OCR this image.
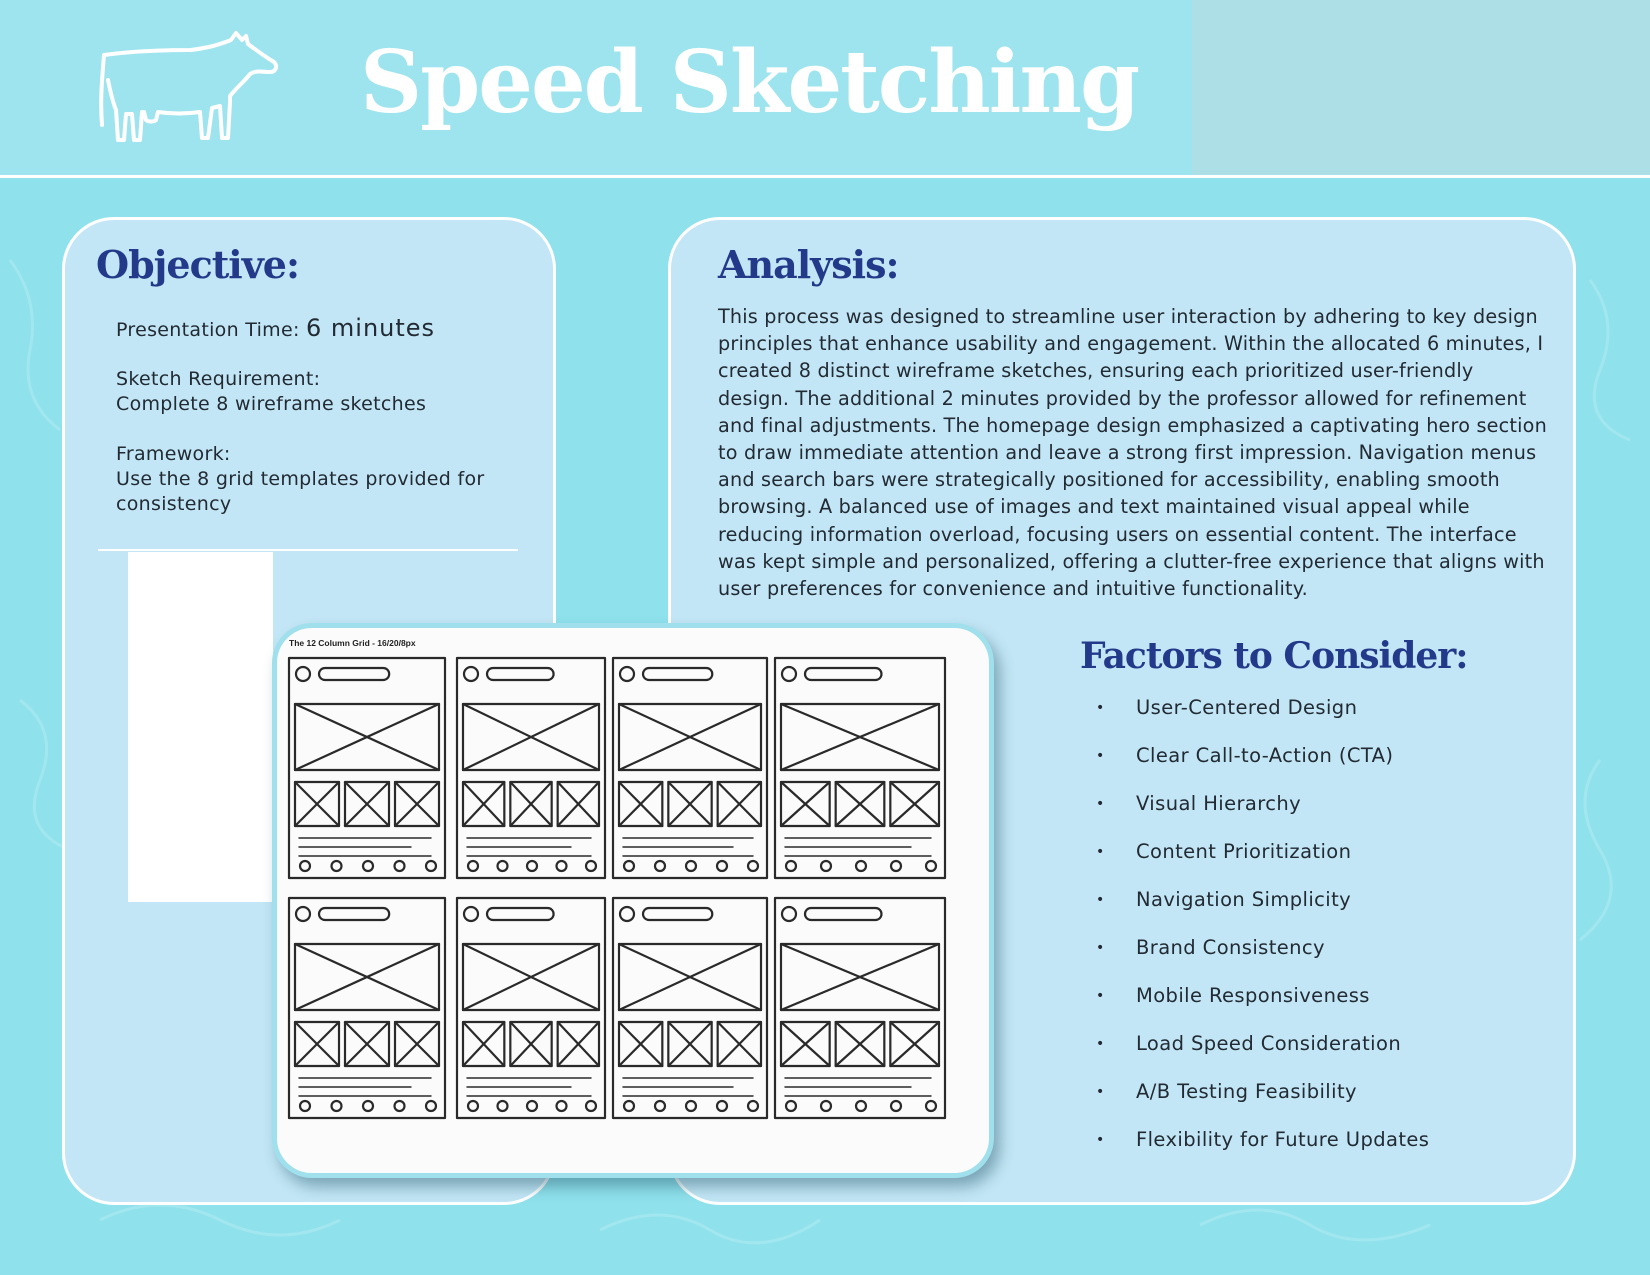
Speed Sketching
Objective:
Presentation Time: 6 minutes
Sketch Requirement:
Complete 8 wireframe sketches
Framework:
Use the 8 grid templates provided for consistency
Analysis:

This process was designed to streamline user interaction by adhering to key design principles that enhance usability and engagement. Within the allocated 6 minutes, I created 8 distinct wireframe sketches, ensuring each prioritized user-friendly design. The additional 2 minutes provided by the professor allowed for refinement and final adjustments. The homepage design emphasized a captivating hero section to draw immediate attention and leave a strong first impression. Navigation menus and search bars were strategically positioned for accessibility, enabling smooth browsing. A balanced use of images and text maintained visual appeal while reducing information overload, focusing users on essential content. The interface was kept simple and personalized, offering a clutter-free experience that aligns with user preferences for convenience and intuitive functionality.

Factors to Consider:
• User-Centered Design
• Clear Call-to-Action (CTA)
• Visual Hierarchy
• Content Prioritization
• Navigation Simplicity
• Brand Consistency
• Mobile Responsiveness
• Load Speed Consideration
• A/B Testing Feasibility
• Flexibility for Future Updates
The 12 Column Grid - 16/20/8px
